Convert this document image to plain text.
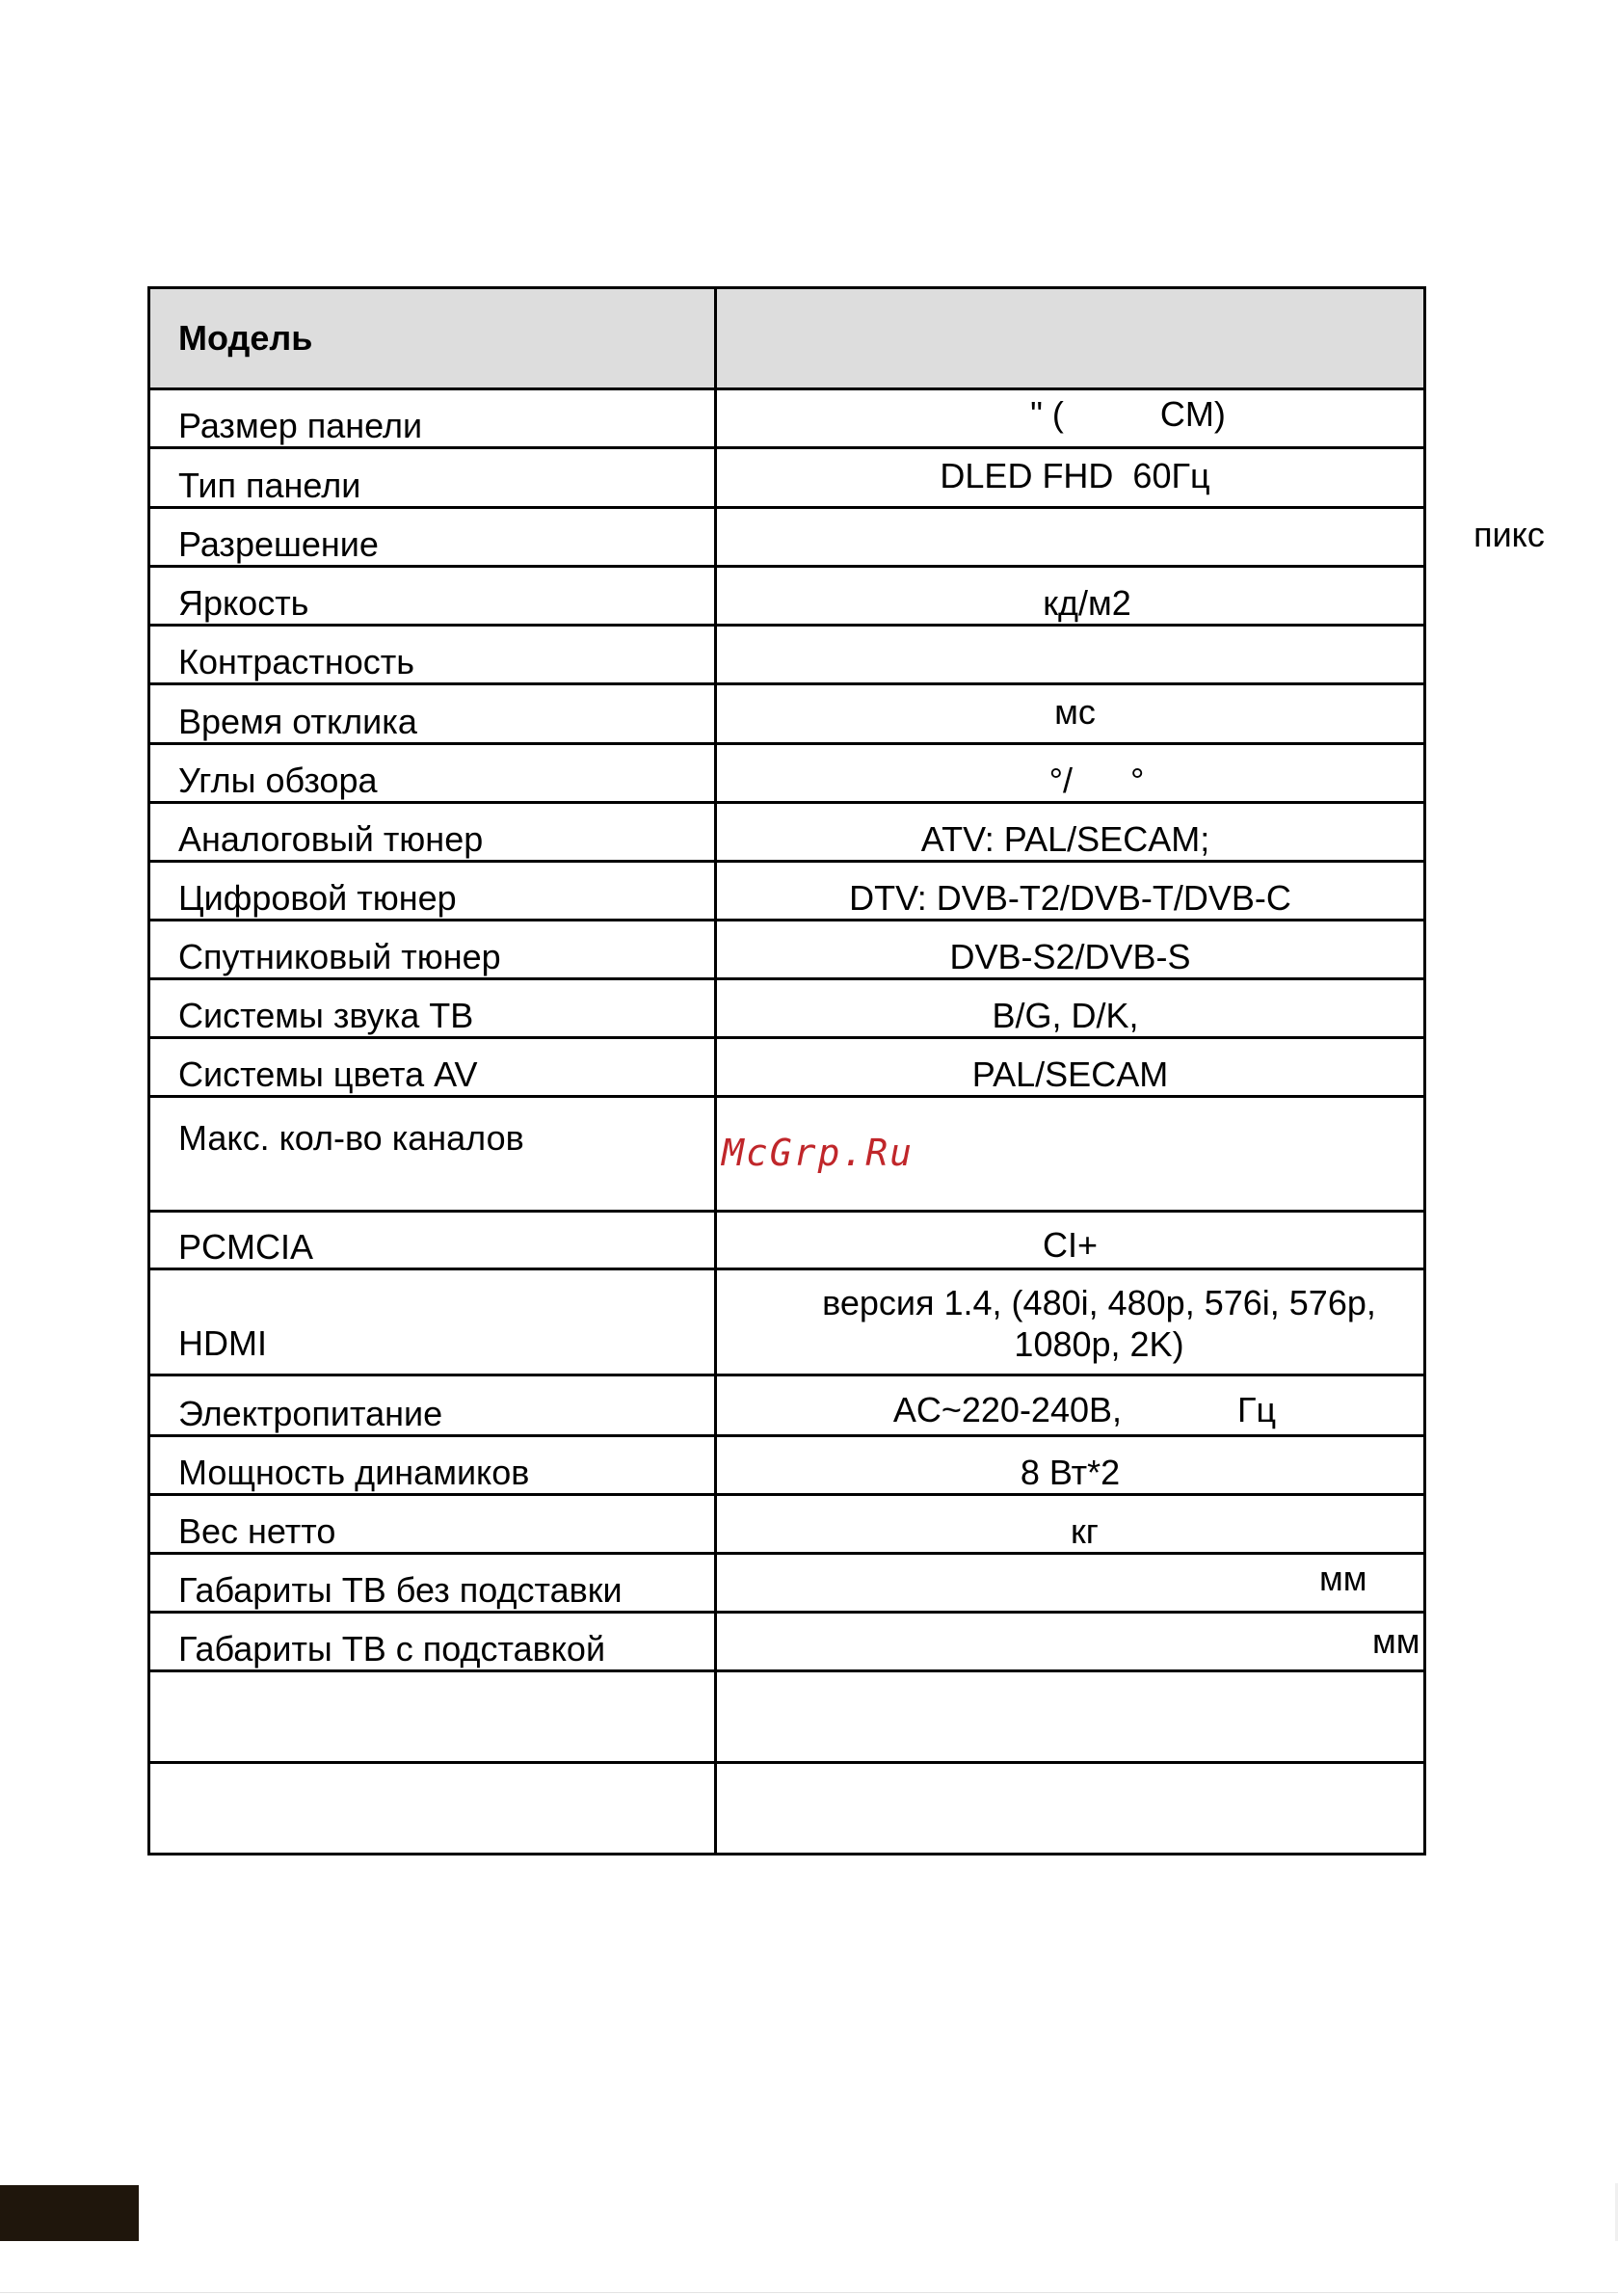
Модель	
Размер панели	" (          CM)
Тип панели	DLED FHD  60Гц
Разрешение	пикс
Яркость	кд/м2
Контрастность	
Время отклика	мс
Углы обзора	°/      °
Аналоговый тюнер	ATV: PAL/SECAM;
Цифровой тюнер	DTV: DVB-T2/DVB-T/DVB-C
Спутниковый тюнер	DVB-S2/DVB-S
Системы звука ТВ	B/G, D/K,
Системы цвета AV	PAL/SECAM
Макс. кол-во каналов	McGrp.Ru
PCMCIA	CI+
HDMI	версия 1.4, (480i, 480p, 576i, 576p, 1080p, 2K)
Электропитание	AC~220-240B,            Гц
Мощность динамиков	8 Вт*2
Вес нетто	кг
Габариты ТВ без подставки	мм
Габариты ТВ с подставкой	мм
